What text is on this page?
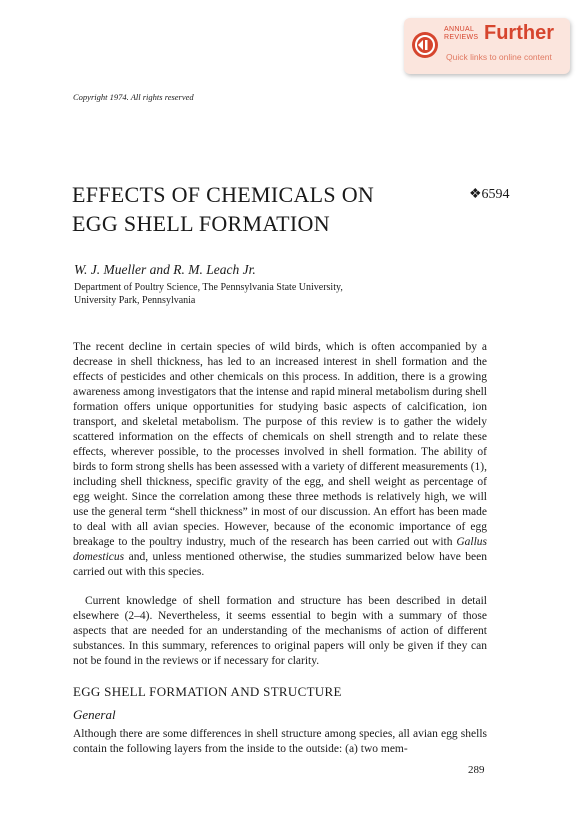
ANNUAL
REVIEWS Further
Quick links to online content
Copyright 1974. All rights reserved
EFFECTS OF CHEMICALS ON
EGG SHELL FORMATION
❖6594
W. J. Mueller and R. M. Leach Jr.
Department of Poultry Science, The Pennsylvania State University,
University Park, Pennsylvania

The recent decline in certain species of wild birds, which is often accompanied by a decrease in shell thickness, has led to an increased interest in shell formation and the effects of pesticides and other chemicals on this process. In addition, there is a growing awareness among investigators that the intense and rapid mineral metabolism during shell formation offers unique opportunities for studying basic aspects of calcification, ion transport, and skeletal metabolism. The purpose of this review is to gather the widely scattered information on the effects of chemicals on shell strength and to relate these effects, wherever possible, to the processes involved in shell formation. The ability of birds to form strong shells has been assessed with a variety of different measurements (1), including shell thickness, specific gravity of the egg, and shell weight as percentage of egg weight. Since the correlation among these three methods is relatively high, we will use the general term “shell thickness” in most of our discussion. An effort has been made to deal with all avian species. However, because of the economic importance of egg breakage to the poultry industry, much of the research has been carried out with Gallus domesticus and, unless mentioned otherwise, the studies summarized below have been carried out with this species.

Current knowledge of shell formation and structure has been described in detail elsewhere (2–4). Nevertheless, it seems essential to begin with a summary of those aspects that are needed for an understanding of the mechanisms of action of different substances. In this summary, references to original papers will only be given if they can not be found in the reviews or if necessary for clarity.
EGG SHELL FORMATION AND STRUCTURE
General
Although there are some differences in shell structure among species, all avian egg shells contain the following layers from the inside to the outside: (a) two mem-
289
